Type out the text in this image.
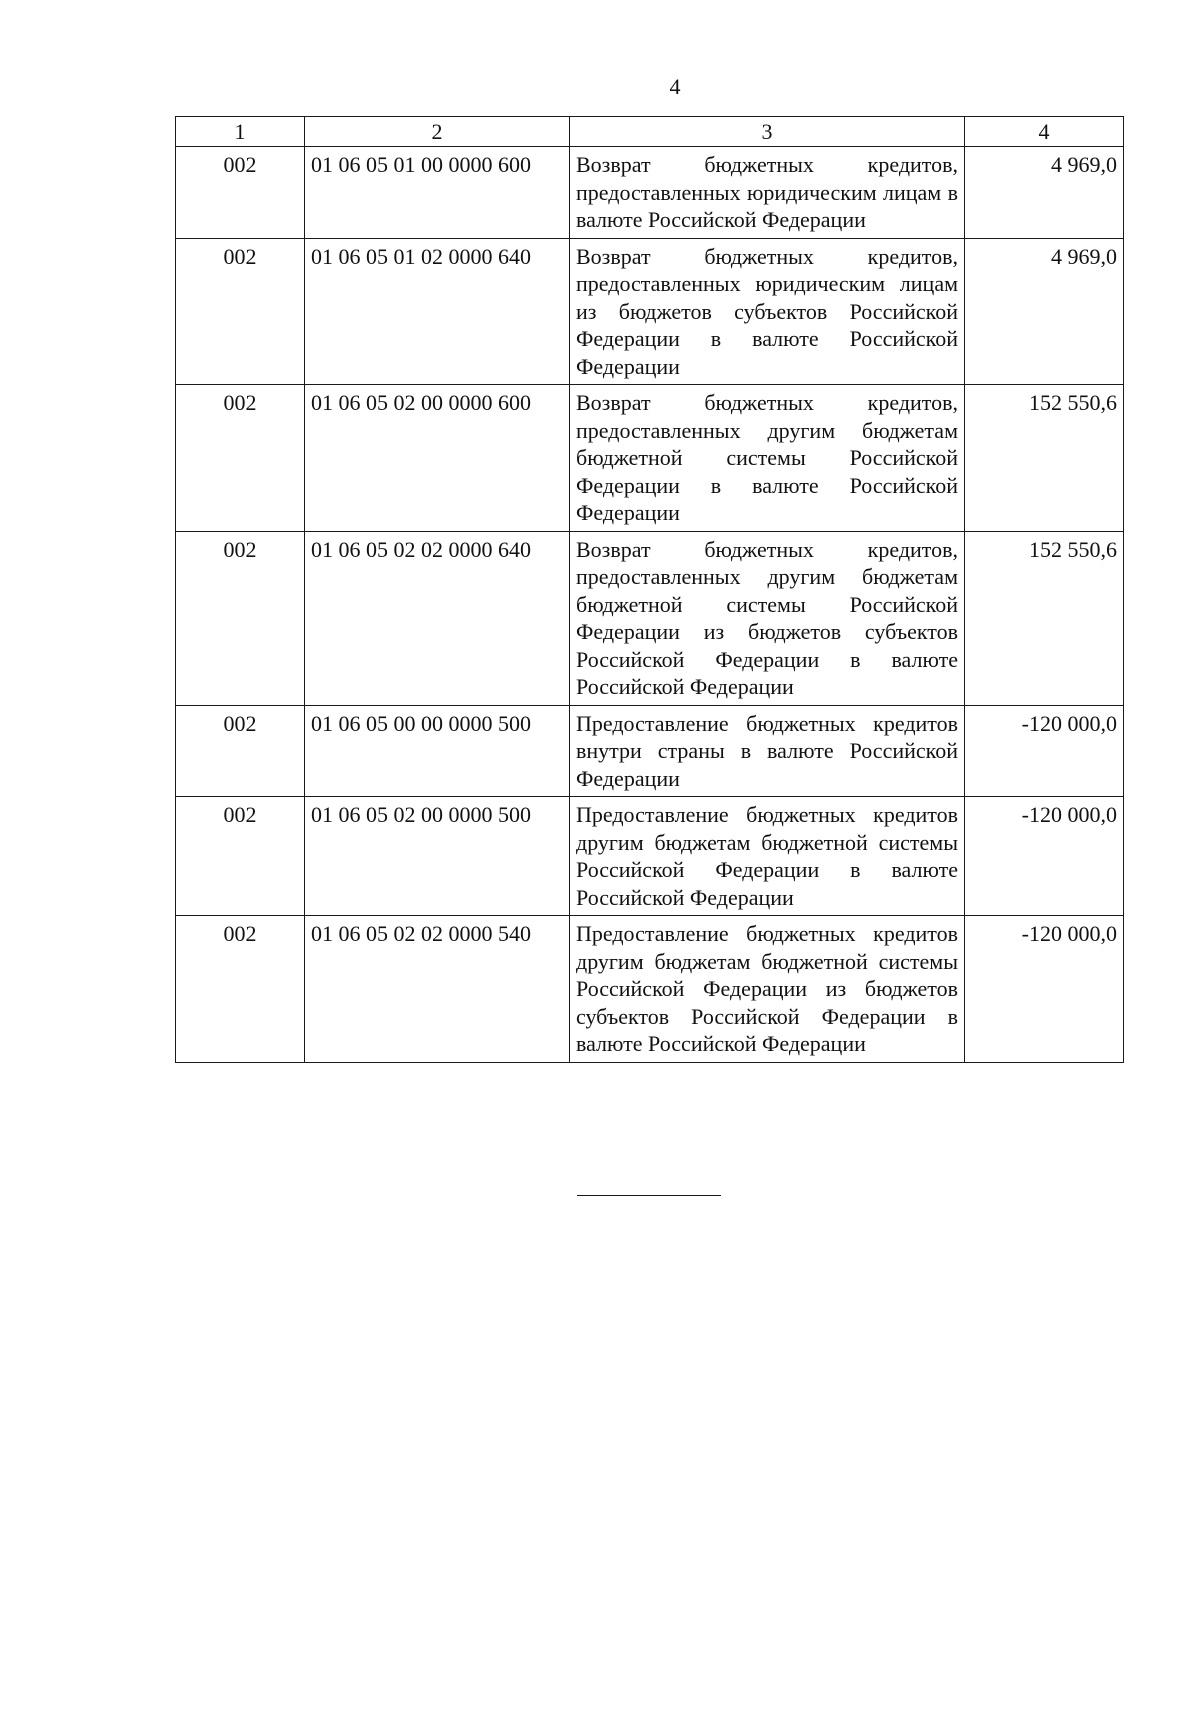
4
1	2	3	4
002	01 06 05 01 00 0000 600	Возврат бюджетных кредитов, предоставленных юридическим лицам в валюте Российской Федерации	4 969,0
002	01 06 05 01 02 0000 640	Возврат бюджетных кредитов, предоставленных юридическим лицам из бюджетов субъектов Российской Федерации в валюте Российской Федерации	4 969,0
002	01 06 05 02 00 0000 600	Возврат бюджетных кредитов, предоставленных другим бюджетам бюджетной системы Российской Федерации в валюте Российской Федерации	152 550,6
002	01 06 05 02 02 0000 640	Возврат бюджетных кредитов, предоставленных другим бюджетам бюджетной системы Российской Федерации из бюджетов субъектов Российской Федерации в валюте Российской Федерации	152 550,6
002	01 06 05 00 00 0000 500	Предоставление бюджетных кредитов внутри страны в валюте Российской Федерации	-120 000,0
002	01 06 05 02 00 0000 500	Предоставление бюджетных кредитов другим бюджетам бюджетной системы Российской Федерации в валюте Российской Федерации	-120 000,0
002	01 06 05 02 02 0000 540	Предоставление бюджетных кредитов другим бюджетам бюджетной системы Российской Федерации из бюджетов субъектов Российской Федерации в валюте Российской Федерации	-120 000,0
